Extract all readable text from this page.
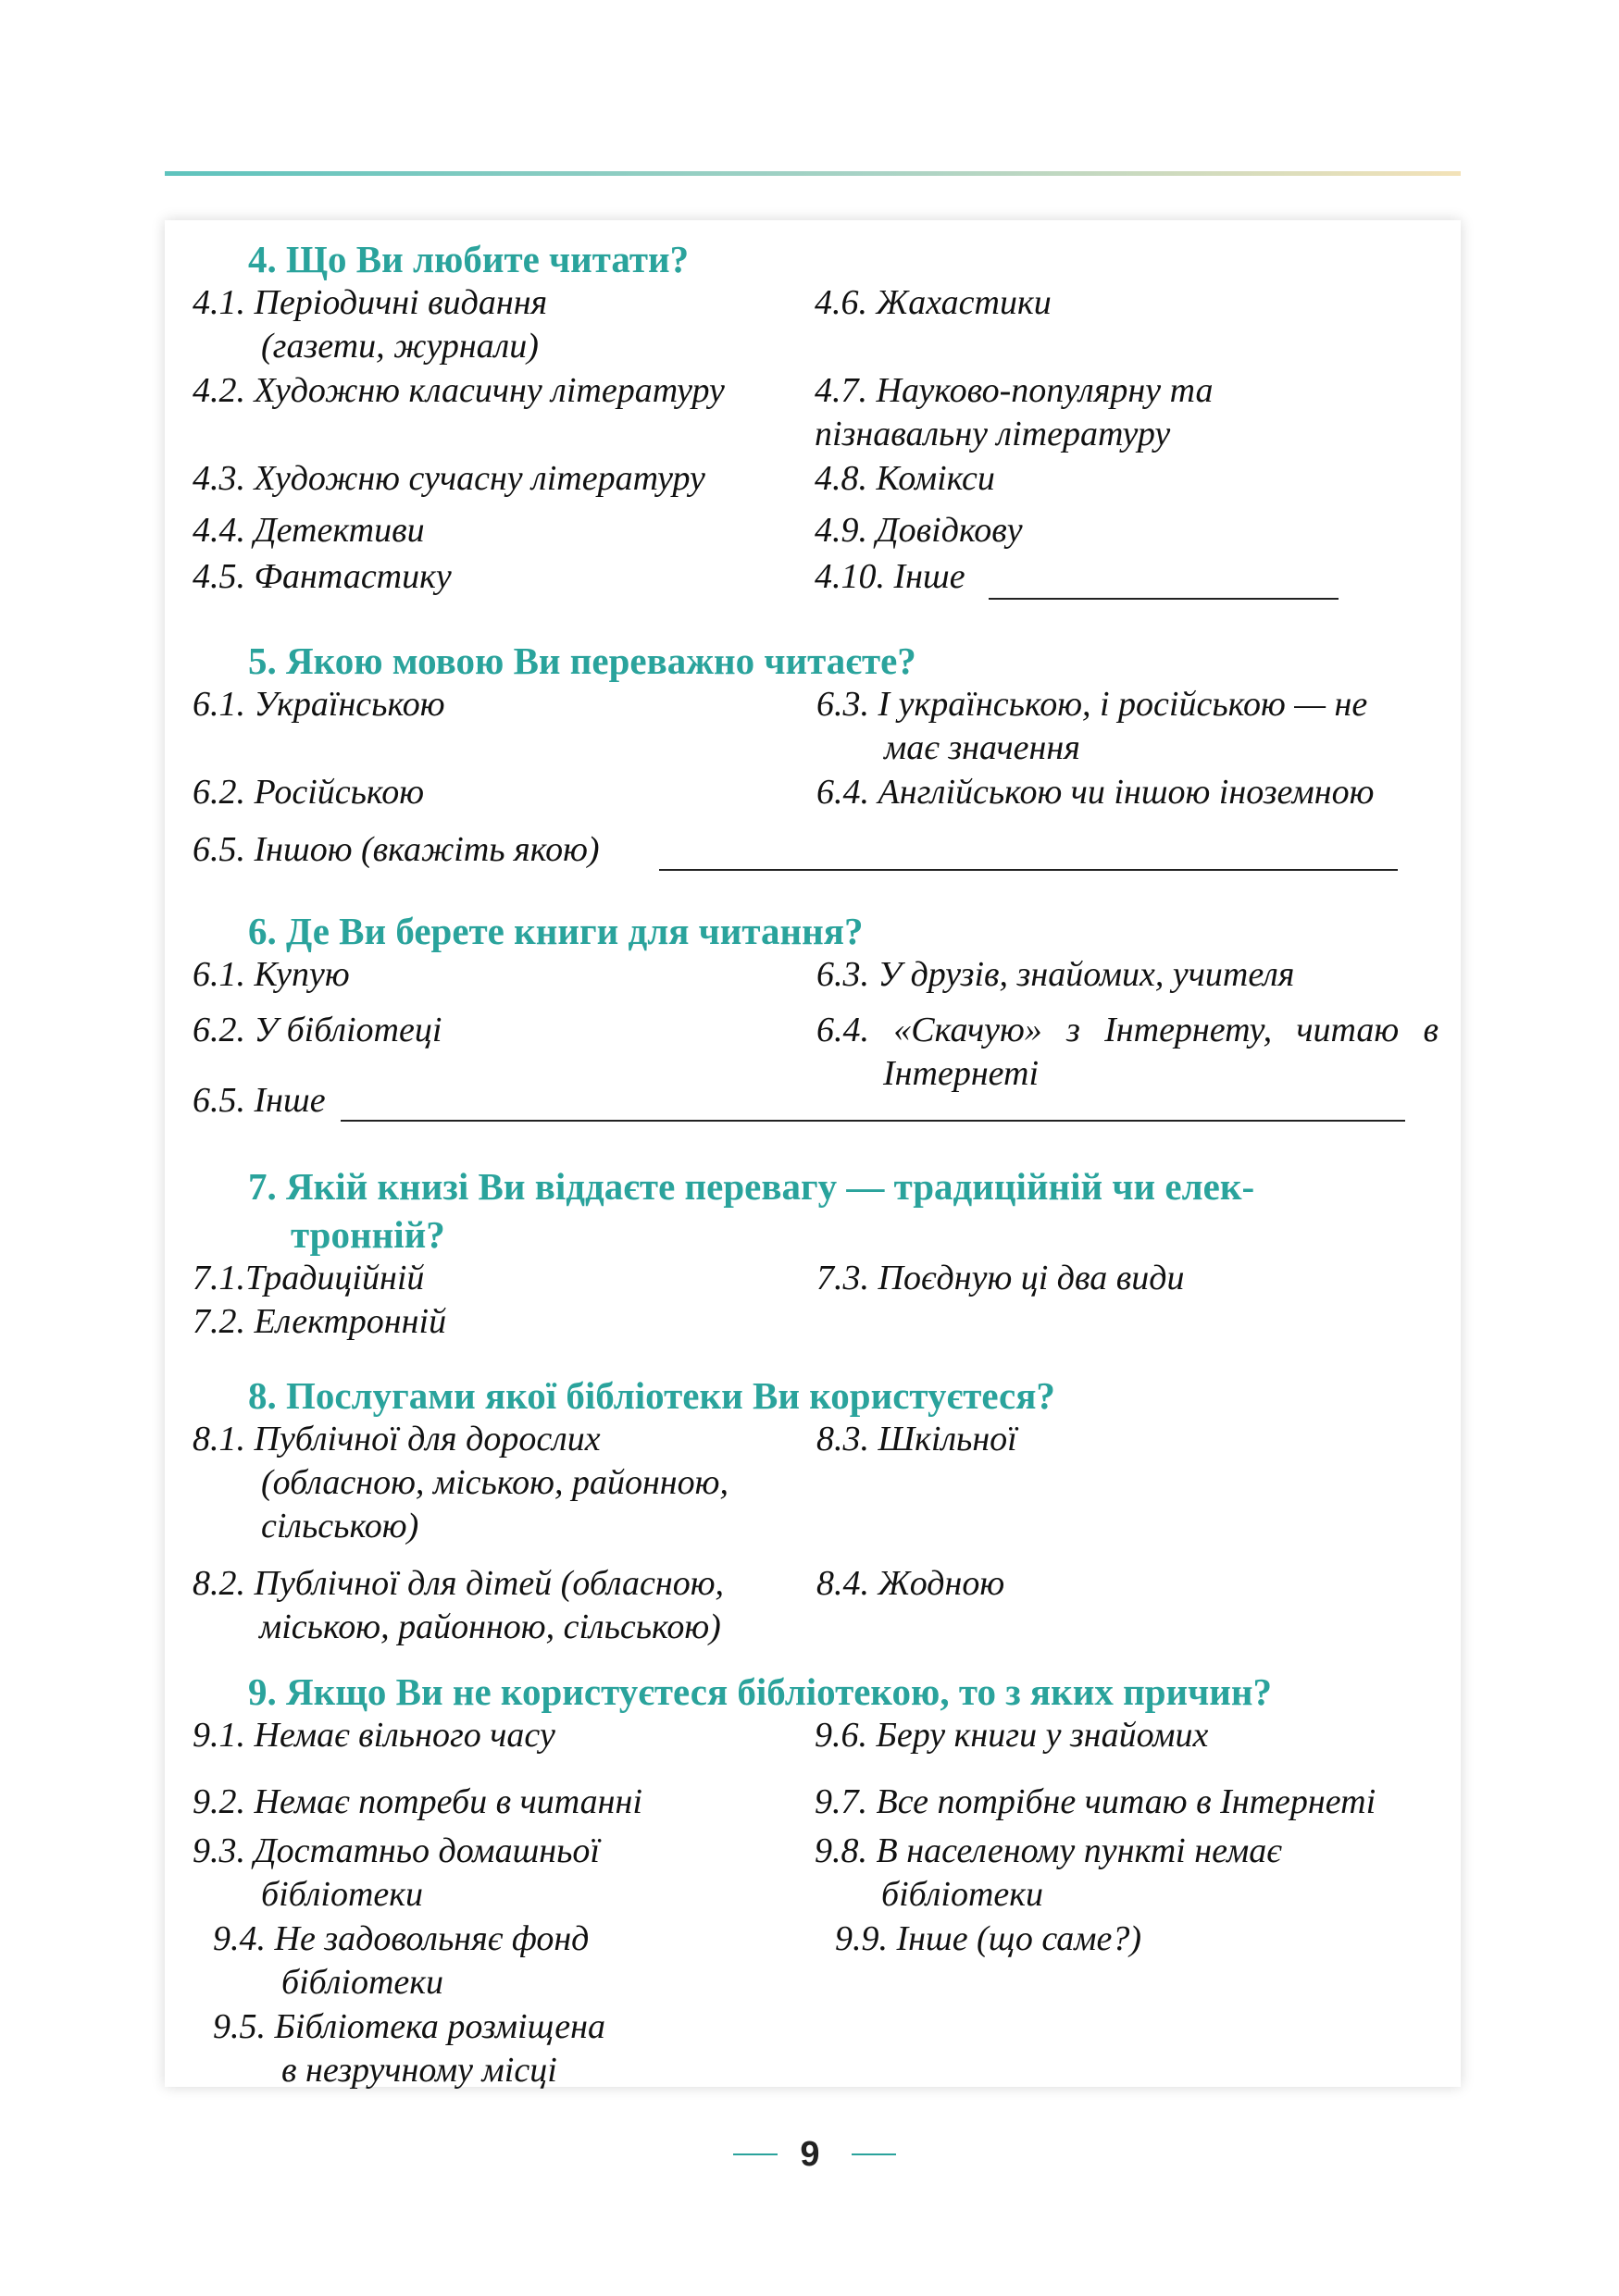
4. Що Ви любите читати?
4.1. Періодичні видання
(газети, журнали)
4.2. Художню класичну літературу
4.3. Художню сучасну літературу
4.4. Детективи
4.5. Фантастику
4.6. Жахастики
4.7. Науково-популярну та
пізнавальну літературу
4.8. Комікси
4.9. Довідкову
4.10. Інше
5. Якою мовою Ви переважно читаєте?
6.1. Українською
6.2. Російською
6.3. І українською, і російською — не
має значення
6.4. Англійською чи іншою іноземною
6.5. Іншою (вкажіть якою)
6. Де Ви берете книги для читання?
6.1. Купую
6.2. У бібліотеці
6.3. У друзів, знайомих, учителя
6.4. «Скачую» з Інтернету, читаю в
Інтернеті
6.5. Інше
7. Якій книзі Ви віддаєте перевагу — традиційній чи елек-
тронній?
7.1.Традиційній
7.2. Електронній
7.3. Поєдную ці два види
8. Послугами якої бібліотеки Ви користуєтеся?
8.1. Публічної для дорослих
(обласною, міською, районною,
сільською)
8.2. Публічної для дітей (обласною,
міською, районною, сільською)
8.3. Шкільної
8.4. Жодною
9. Якщо Ви не користуєтеся бібліотекою, то з яких причин?
9.1. Немає вільного часу
9.2. Немає потреби в читанні
9.3. Достатньо домашньої
бібліотеки
9.4. Не задовольняє фонд
бібліотеки
9.5. Бібліотека розміщена
в незручному місці
9.6. Беру книги у знайомих
9.7. Все потрібне читаю в Інтернеті
9.8. В населеному пункті немає
бібліотеки
9.9. Інше (що саме?)
9
